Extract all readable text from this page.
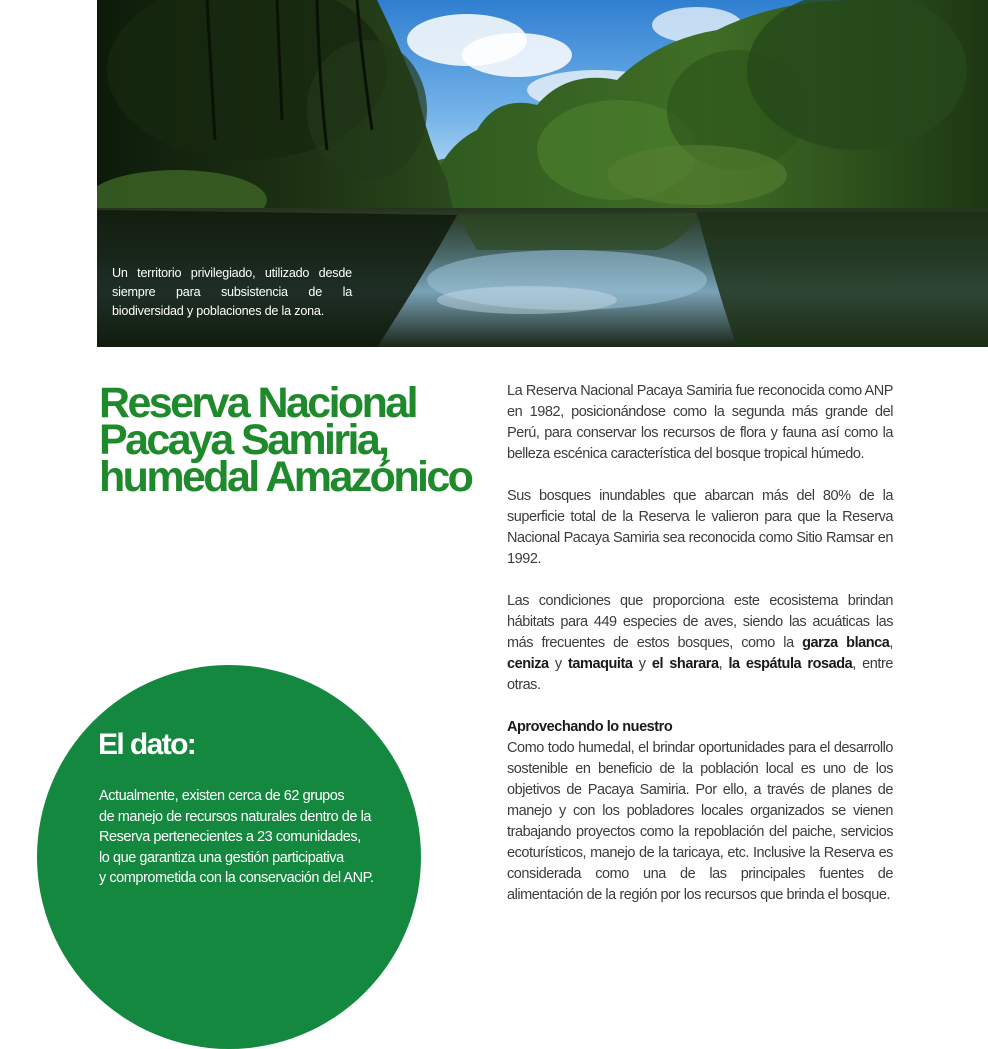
Un territorio privilegiado, utilizado desde siempre para subsistencia de la biodiversidad y poblaciones de la zona.
Reserva Nacional
Pacaya Samiria,
humedal Amazónico
El dato:
Actualmente, existen cerca de 62 grupos
de manejo de recursos naturales dentro de la
Reserva pertenecientes a 23 comunidades,
lo que garantiza una gestión participativa
y comprometida con la conservación del ANP.

La Reserva Nacional Pacaya Samiria fue reconocida como ANP en 1982, posicionándose como la segunda más grande del Perú, para conservar los recursos de flora y fauna así como la belleza escénica característica del bosque tropical húmedo.

Sus bosques inundables que abarcan más del 80% de la superficie total de la Reserva le valieron para que la Reserva Nacional Pacaya Samiria sea reconocida como Sitio Ramsar en 1992.

Las condiciones que proporciona este ecosistema brindan hábitats para 449 especies de aves, siendo las acuáticas las más frecuentes de estos bosques, como la garza blanca, ceniza y tamaquita y el sharara, la espátula rosada, entre otras.

Aprovechando lo nuestro
Como todo humedal, el brindar oportunidades para el desarrollo sostenible en beneficio de la población local es uno de los objetivos de Pacaya Samiria. Por ello, a través de planes de manejo y con los pobladores locales organizados se vienen trabajando proyectos como la repoblación del paiche, servicios ecoturísticos, manejo de la taricaya, etc. Inclusive la Reserva es considerada como una de las principales fuentes de alimentación de la región por los recursos que brinda el bosque.
